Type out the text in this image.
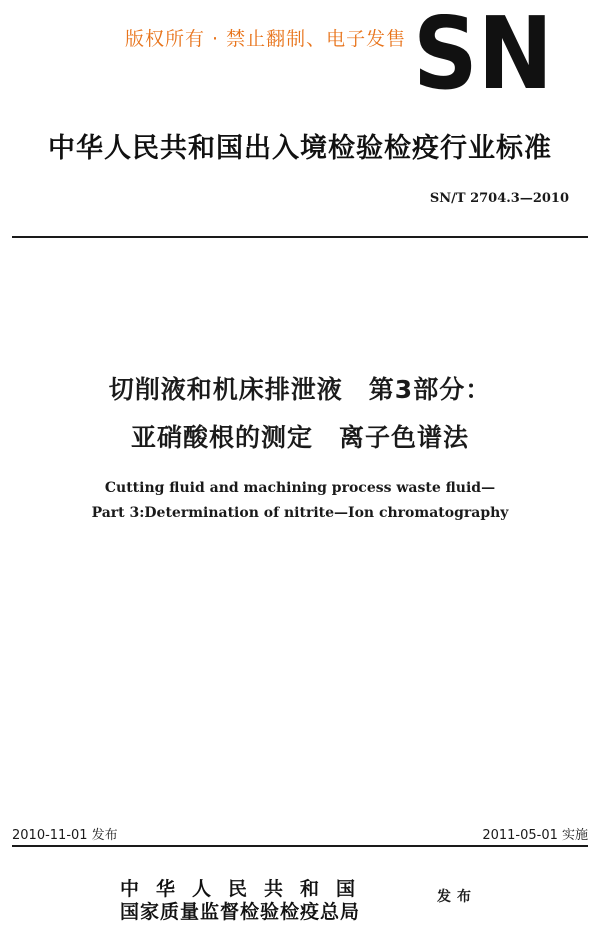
版权所有 · 禁止翻制、电子发售 SN
中华人民共和国出入境检验检疫行业标准
SN/T 2704.3—2010
切削液和机床排泄液　第3部分：
亚硝酸根的测定　离子色谱法
Cutting fluid and machining process waste fluid—
Part 3:Determination of nitrite—Ion chromatography
2010-11-01 发布	2011-05-01 实施
中华人民共和国
国家质量监督检验检疫总局
发布
